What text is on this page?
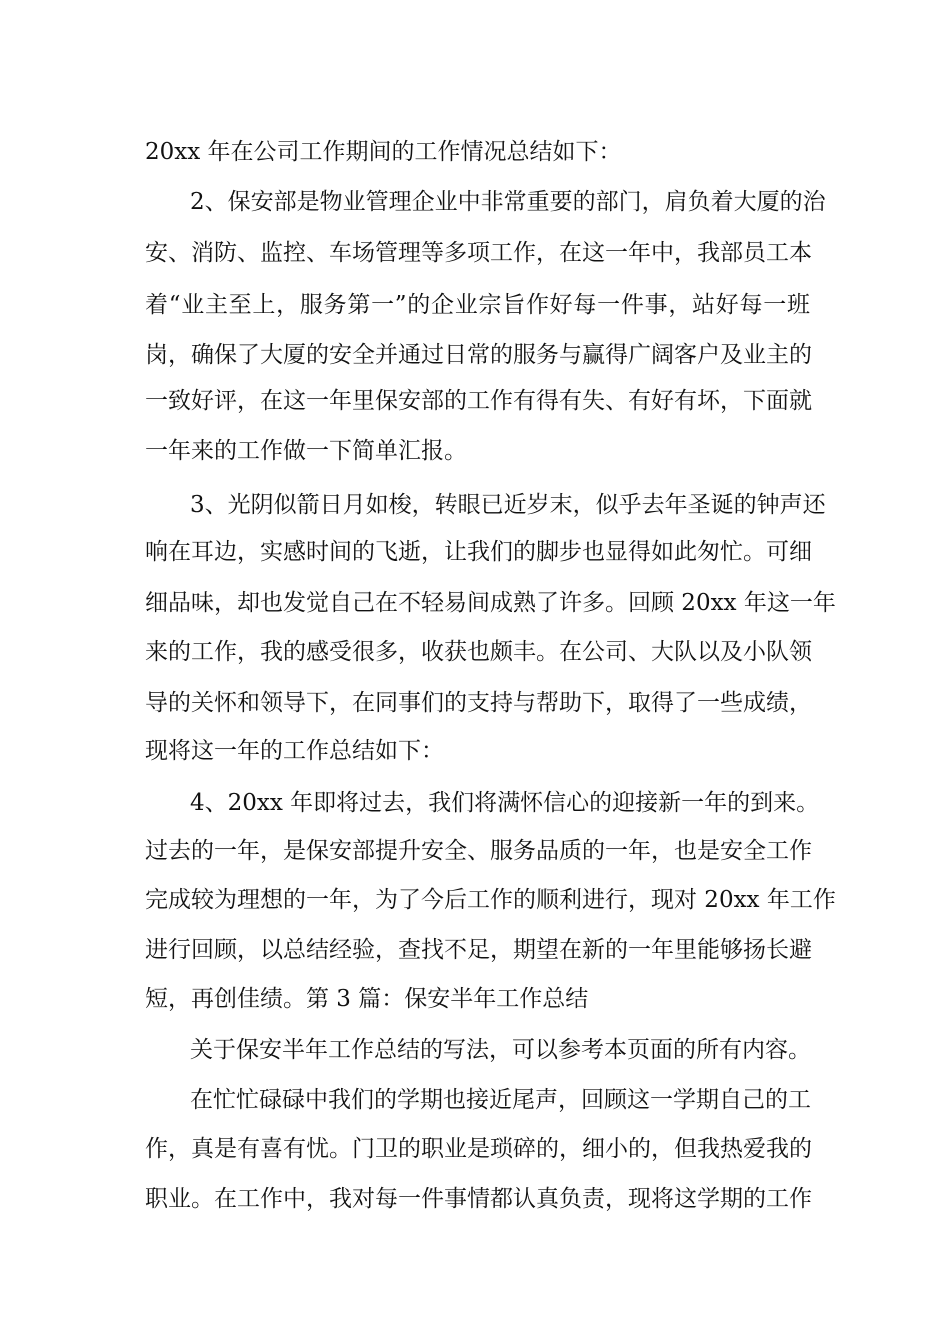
20xx 年在公司工作期间的工作情况总结如下：
2、保安部是物业管理企业中非常重要的部门，肩负着大厦的治
安、消防、监控、车场管理等多项工作，在这一年中，我部员工本
着“业主至上，服务第一”的企业宗旨作好每一件事，站好每一班
岗，确保了大厦的安全并通过日常的服务与赢得广阔客户及业主的
一致好评，在这一年里保安部的工作有得有失、有好有坏，下面就
一年来的工作做一下简单汇报。
3、光阴似箭日月如梭，转眼已近岁末，似乎去年圣诞的钟声还
响在耳边，实感时间的飞逝，让我们的脚步也显得如此匆忙。可细
细品味，却也发觉自己在不轻易间成熟了许多。回顾 20xx 年这一年
来的工作，我的感受很多，收获也颇丰。在公司、大队以及小队领
导的关怀和领导下，在同事们的支持与帮助下，取得了一些成绩，
现将这一年的工作总结如下：
4、20xx 年即将过去，我们将满怀信心的迎接新一年的到来。
过去的一年，是保安部提升安全、服务品质的一年，也是安全工作
完成较为理想的一年，为了今后工作的顺利进行，现对 20xx 年工作
进行回顾，以总结经验，查找不足，期望在新的一年里能够扬长避
短，再创佳绩。第 3 篇：保安半年工作总结
关于保安半年工作总结的写法，可以参考本页面的所有内容。
在忙忙碌碌中我们的学期也接近尾声，回顾这一学期自己的工
作，真是有喜有忧。门卫的职业是琐碎的，细小的，但我热爱我的
职业。在工作中，我对每一件事情都认真负责，现将这学期的工作
